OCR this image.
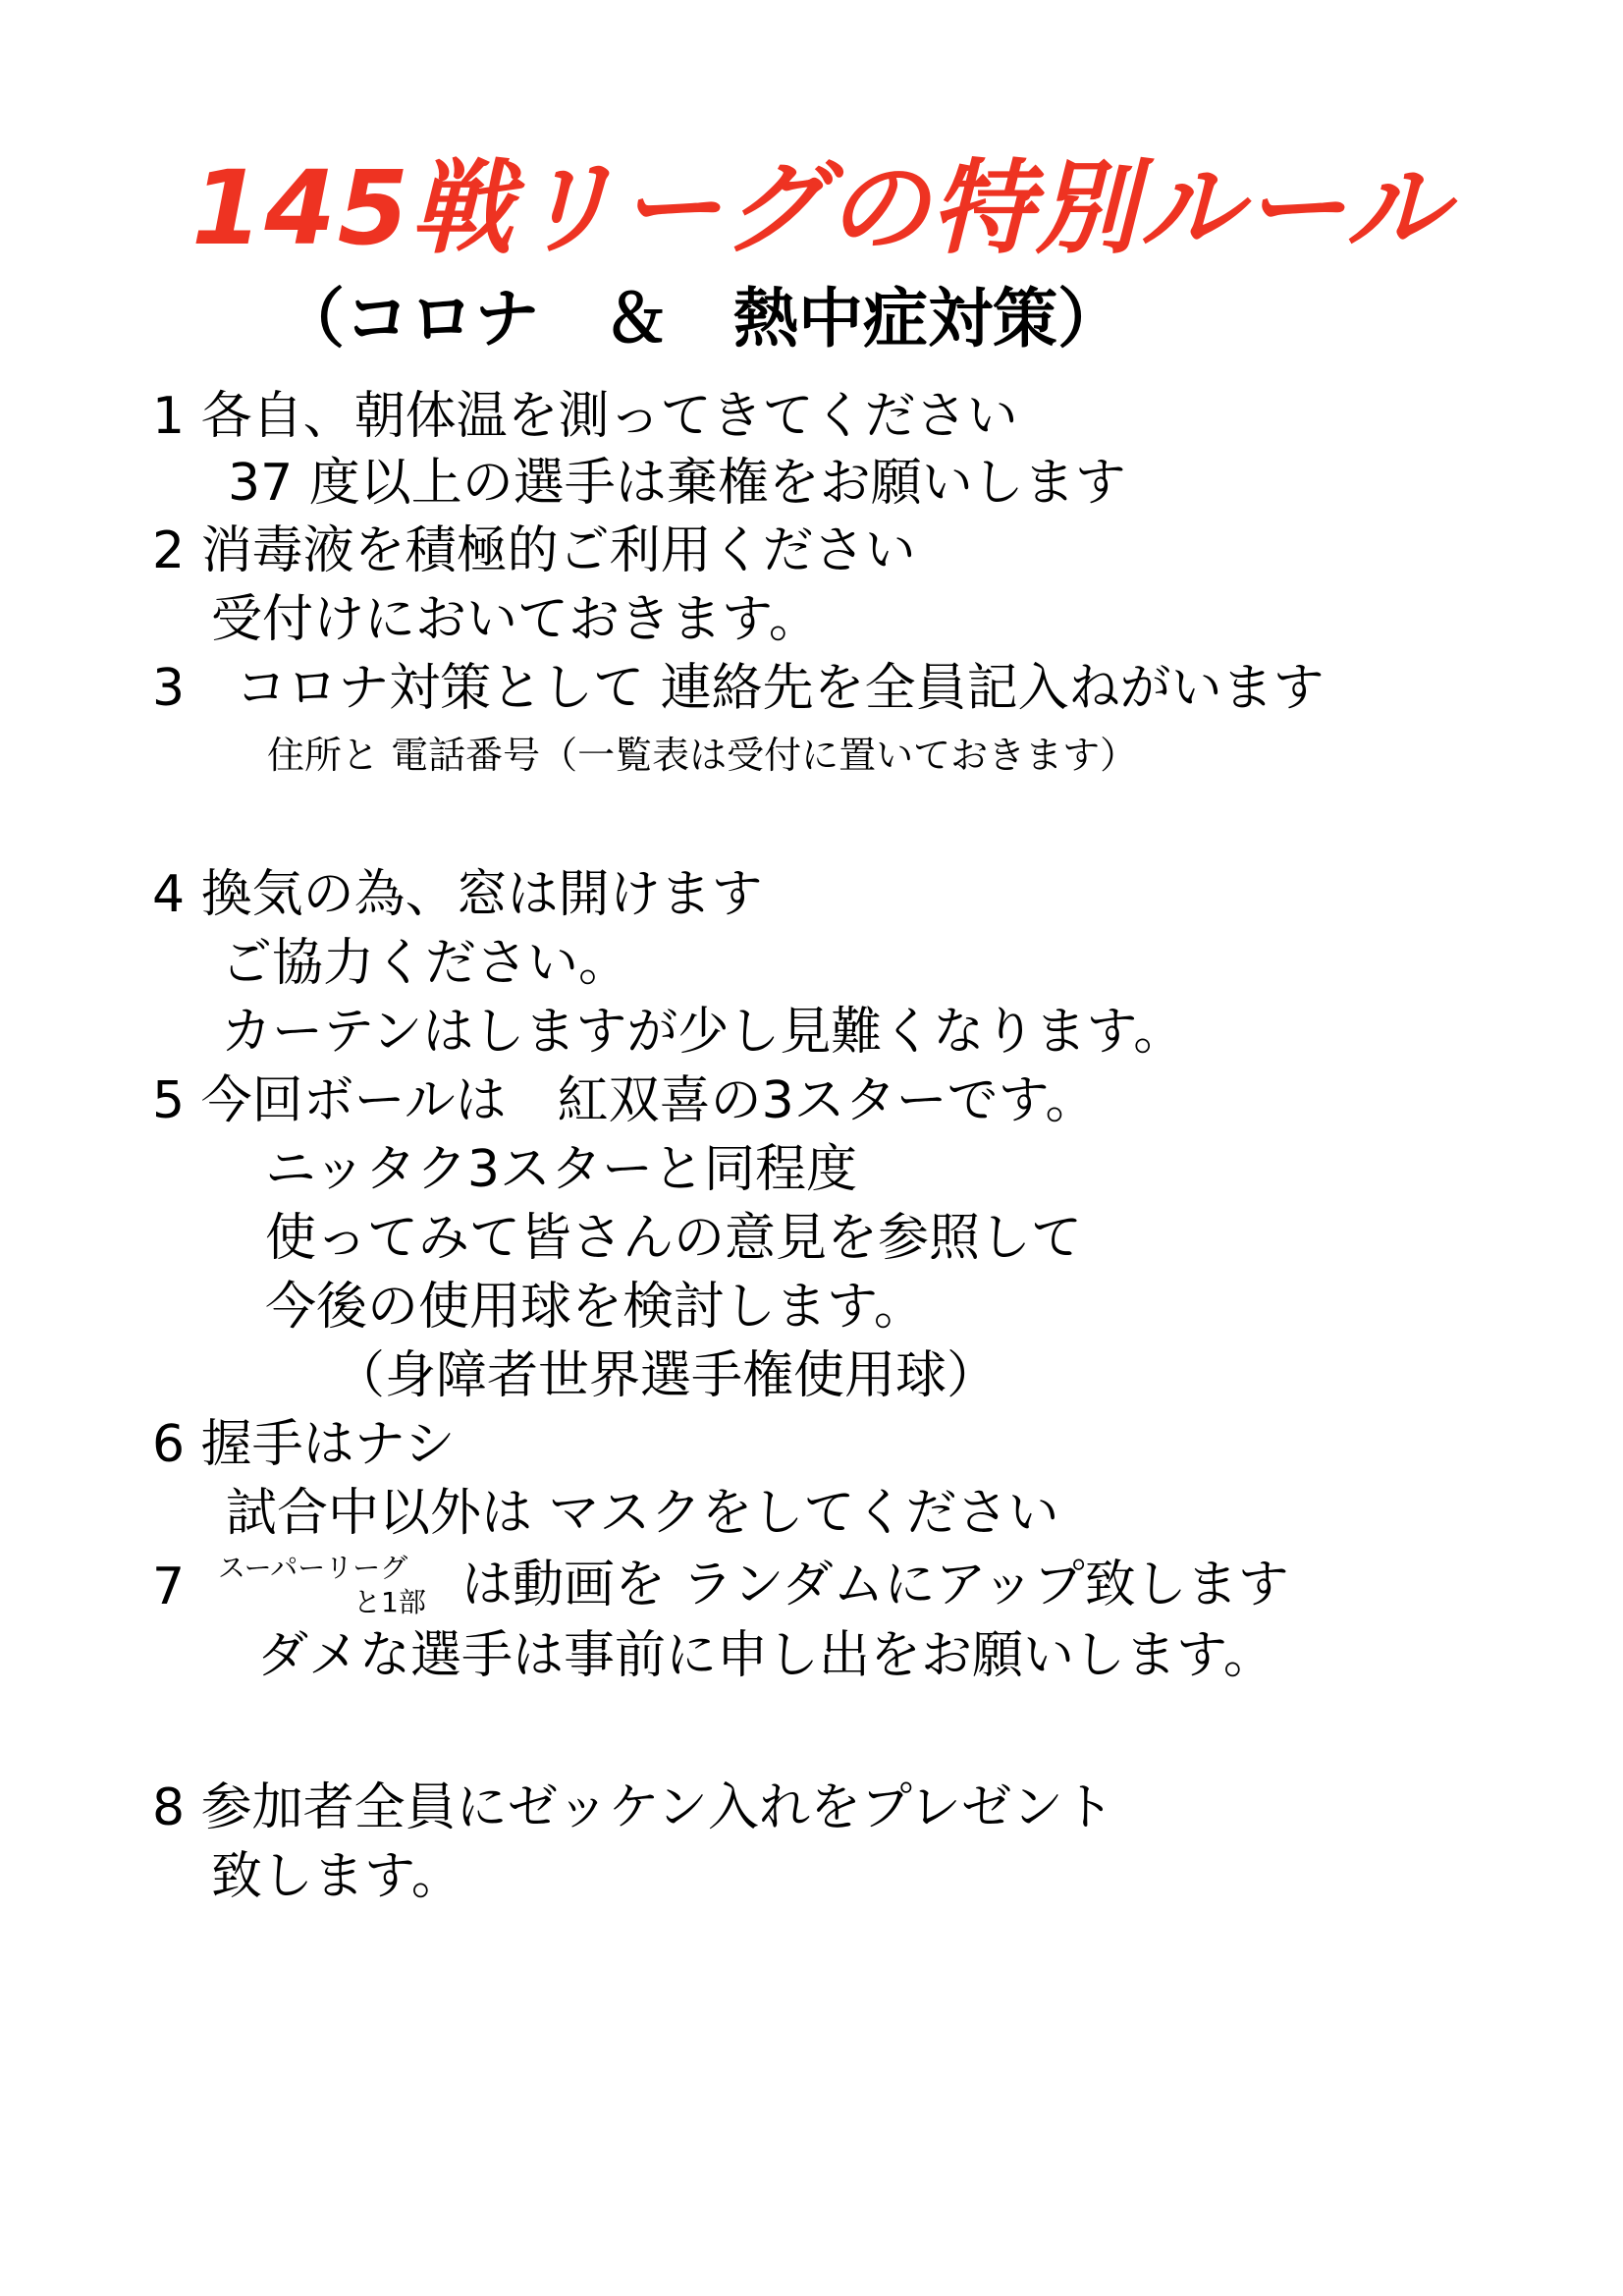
145戦リーグの特別ルール
（コロナ　＆　熱中症対策）
1 各自、朝体温を測ってきてください
37 度以上の選手は棄権をお願いします
2 消毒液を積極的ご利用ください
受付けにおいておきます。
3　コロナ対策として 連絡先を全員記入ねがいます
住所と 電話番号（一覧表は受付に置いておきます）
4 換気の為、窓は開けます
ご協力ください。
カーテンはしますが少し見難くなります。
5 今回ボールは　紅双喜の3スターです。
ニッタク3スターと同程度
使ってみて皆さんの意見を参照して
今後の使用球を検討します。
（身障者世界選手権使用球）
6 握手はナシ
試合中以外は マスクをしてください
7 スーパーリーグ
と1部 は動画を ランダムにアップ致します
ダメな選手は事前に申し出をお願いします。
8 参加者全員にゼッケン入れをプレゼント
致します。
